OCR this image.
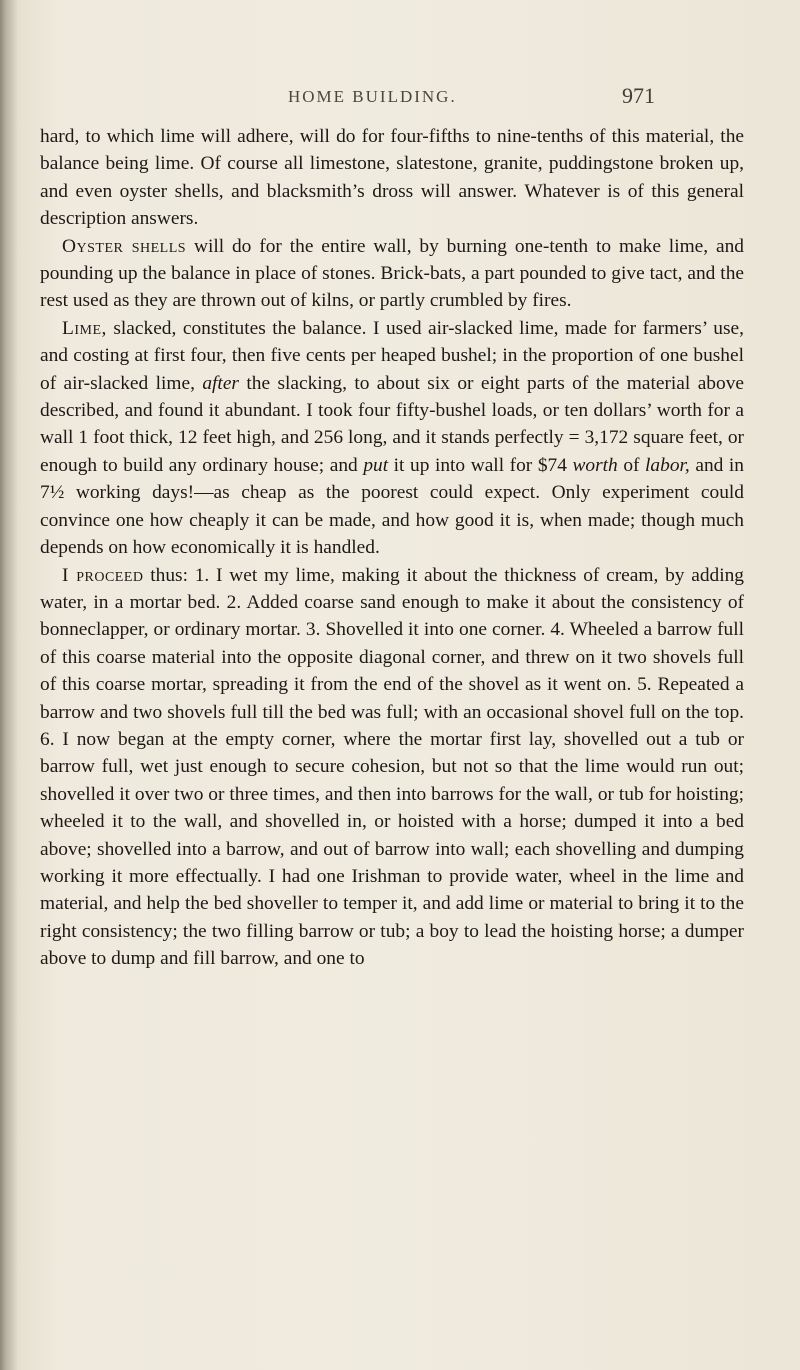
HOME BUILDING.	971

hard, to which lime will adhere, will do for four-fifths to nine-tenths of this material, the balance being lime. Of course all limestone, slatestone, granite, puddingstone broken up, and even oyster shells, and blacksmith’s dross will answer. Whatever is of this general description answers.

Oyster shells will do for the entire wall, by burning one-tenth to make lime, and pounding up the balance in place of stones. Brick-bats, a part pounded to give tact, and the rest used as they are thrown out of kilns, or partly crumbled by fires.

Lime, slacked, constitutes the balance. I used air-slacked lime, made for farmers’ use, and costing at first four, then five cents per heaped bushel; in the proportion of one bushel of air-slacked lime, after the slacking, to about six or eight parts of the material above described, and found it abundant. I took four fifty-bushel loads, or ten dollars’ worth for a wall 1 foot thick, 12 feet high, and 256 long, and it stands perfectly = 3,172 square feet, or enough to build any ordinary house; and put it up into wall for $74 worth of labor, and in 7½ working days!—as cheap as the poorest could expect. Only experiment could convince one how cheaply it can be made, and how good it is, when made; though much depends on how economically it is handled.

I proceed thus: 1. I wet my lime, making it about the thickness of cream, by adding water, in a mortar bed. 2. Added coarse sand enough to make it about the consistency of bonneclapper, or ordinary mortar. 3. Shovelled it into one corner. 4. Wheeled a barrow full of this coarse material into the opposite diagonal corner, and threw on it two shovels full of this coarse mortar, spreading it from the end of the shovel as it went on. 5. Repeated a barrow and two shovels full till the bed was full; with an occasional shovel full on the top. 6. I now began at the empty corner, where the mortar first lay, shovelled out a tub or barrow full, wet just enough to secure cohesion, but not so that the lime would run out; shovelled it over two or three times, and then into barrows for the wall, or tub for hoisting; wheeled it to the wall, and shovelled in, or hoisted with a horse; dumped it into a bed above; shovelled into a barrow, and out of barrow into wall; each shovelling and dumping working it more effectually. I had one Irishman to provide water, wheel in the lime and material, and help the bed shoveller to temper it, and add lime or material to bring it to the right consistency; the two filling barrow or tub; a boy to lead the hoisting horse; a dumper above to dump and fill barrow, and one to
